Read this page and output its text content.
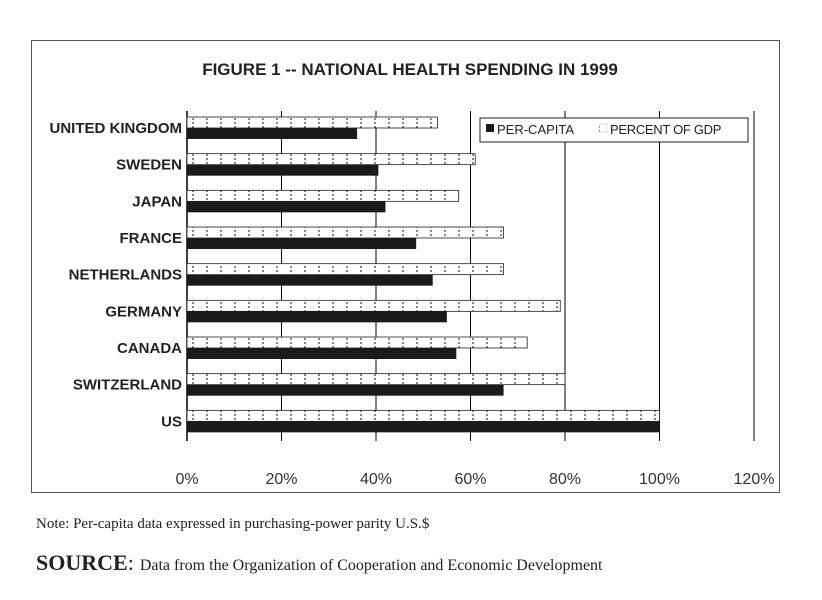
FIGURE 1 -- NATIONAL HEALTH SPENDING IN 1999
UNITED KINGDOM
SWEDEN
JAPAN
FRANCE
NETHERLANDS
GERMANY
CANADA
SWITZERLAND
US
0%	20%	40%	60%	80%	100%	120%
PER-CAPITA	PERCENT OF GDP
Note: Per-capita data expressed in purchasing-power parity U.S.$
SOURCE: Data from the Organization of Cooperation and Economic Development
